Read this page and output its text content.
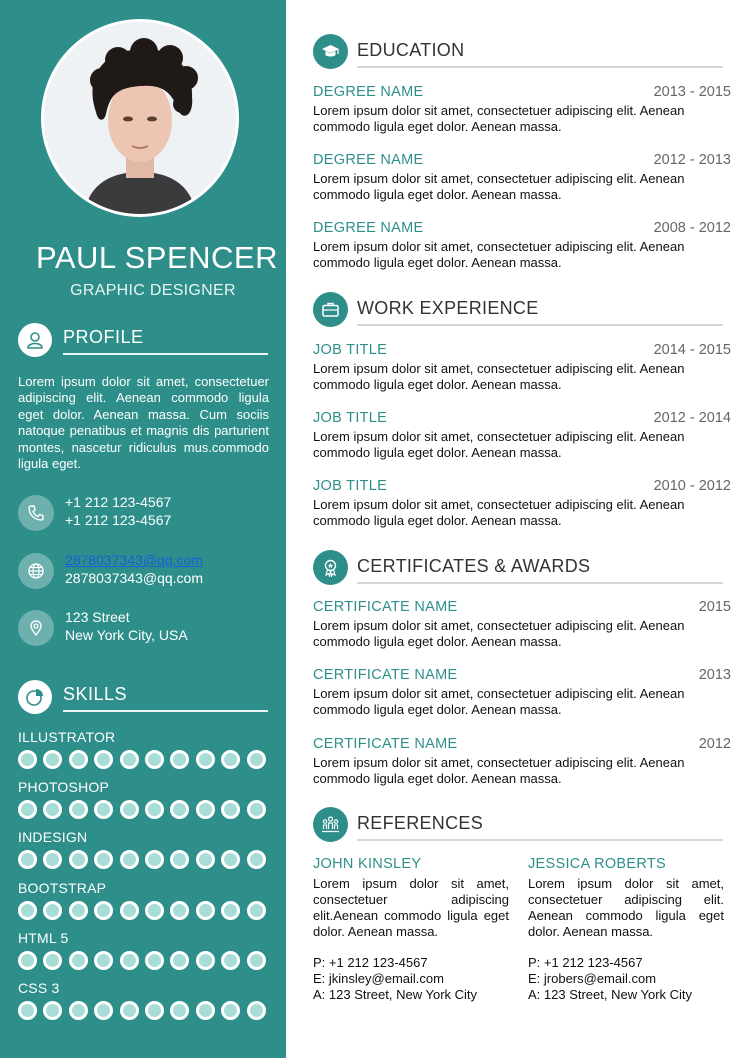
PAUL SPENCER
GRAPHIC DESIGNER
PROFILE
Lorem ipsum dolor sit amet, consectetuer adipiscing elit. Aenean commodo ligula eget dolor. Aenean massa. Cum sociis natoque penatibus et magnis dis parturient montes, nascetur ridiculus mus.commodo ligula eget.
+1 212 123-4567
+1 212 123-4567
2878037343@qq.com
2878037343@qq.com
123 Street
New York City, USA
SKILLS
ILLUSTRATOR
PHOTOSHOP
INDESIGN
BOOTSTRAP
HTML 5
CSS 3
EDUCATION
DEGREE NAME	2013 - 2015
Lorem ipsum dolor sit amet, consectetuer adipiscing elit. Aenean commodo ligula eget dolor. Aenean massa.
DEGREE NAME	2012 - 2013
Lorem ipsum dolor sit amet, consectetuer adipiscing elit. Aenean commodo ligula eget dolor. Aenean massa.
DEGREE NAME	2008 - 2012
Lorem ipsum dolor sit amet, consectetuer adipiscing elit. Aenean commodo ligula eget dolor. Aenean massa.
WORK EXPERIENCE
JOB TITLE	2014 - 2015
Lorem ipsum dolor sit amet, consectetuer adipiscing elit. Aenean commodo ligula eget dolor. Aenean massa.
JOB TITLE	2012 - 2014
Lorem ipsum dolor sit amet, consectetuer adipiscing elit. Aenean commodo ligula eget dolor. Aenean massa.
JOB TITLE	2010 - 2012
Lorem ipsum dolor sit amet, consectetuer adipiscing elit. Aenean commodo ligula eget dolor. Aenean massa.
CERTIFICATES & AWARDS
CERTIFICATE NAME	2015
Lorem ipsum dolor sit amet, consectetuer adipiscing elit. Aenean commodo ligula eget dolor. Aenean massa.
CERTIFICATE NAME	2013
Lorem ipsum dolor sit amet, consectetuer adipiscing elit. Aenean commodo ligula eget dolor. Aenean massa.
CERTIFICATE NAME	2012
Lorem ipsum dolor sit amet, consectetuer adipiscing elit. Aenean commodo ligula eget dolor. Aenean massa.
REFERENCES
JOHN KINSLEY
Lorem ipsum dolor sit amet, consectetuer adipiscing elit.Aenean commodo ligula eget dolor. Aenean massa.
P: +1 212 123-4567
E: jkinsley@email.com
A: 123 Street, New York City
JESSICA ROBERTS
Lorem ipsum dolor sit amet, consectetuer adipiscing elit. Aenean commodo ligula eget dolor. Aenean massa.
P: +1 212 123-4567
E: jrobers@email.com
A: 123 Street, New York City
